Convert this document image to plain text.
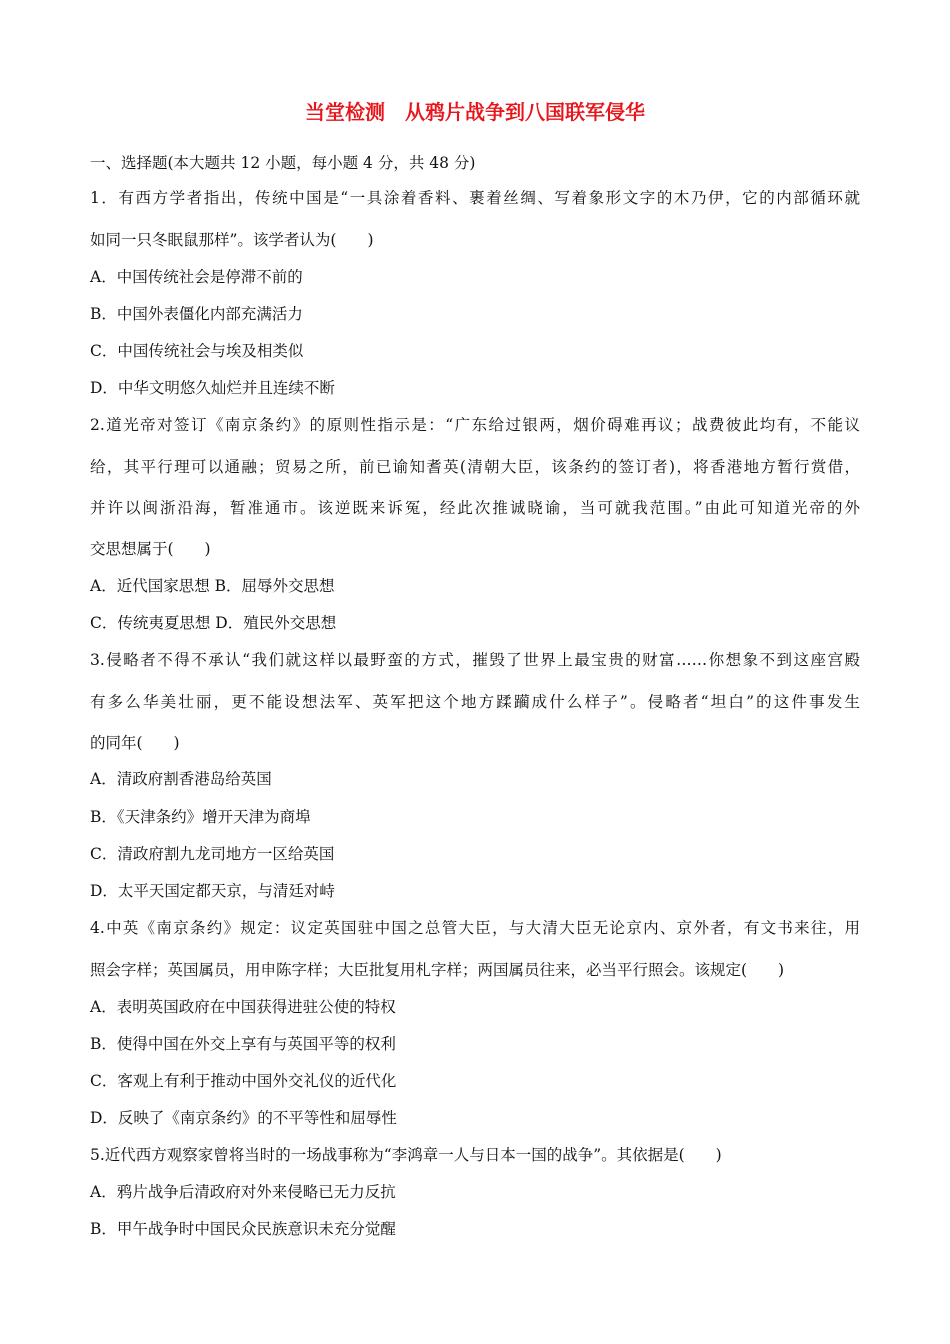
当堂检测　从鸦片战争到八国联军侵华

一、选择题(本大题共 12 小题，每小题 4 分，共 48 分)

1．有西方学者指出，传统中国是“一具涂着香料、裹着丝绸、写着象形文字的木乃伊，它的内部循环就

如同一只冬眠鼠那样”。该学者认为(　　)

A．中国传统社会是停滞不前的

B．中国外表僵化内部充满活力

C．中国传统社会与埃及相类似

D．中华文明悠久灿烂并且连续不断

2.道光帝对签订《南京条约》的原则性指示是：“广东给过银两，烟价碍难再议；战费彼此均有，不能议

给，其平行理可以通融；贸易之所，前已谕知耆英(清朝大臣，该条约的签订者)，将香港地方暂行赏借，

并许以闽浙沿海，暂准通市。该逆既来诉冤，经此次推诚晓谕，当可就我范围。”由此可知道光帝的外

交思想属于(　　)

A．近代国家思想 B．屈辱外交思想

C．传统夷夏思想 D．殖民外交思想

3.侵略者不得不承认“我们就这样以最野蛮的方式，摧毁了世界上最宝贵的财富……你想象不到这座宫殿

有多么华美壮丽，更不能设想法军、英军把这个地方蹂躏成什么样子”。侵略者“坦白”的这件事发生

的同年(　　)

A．清政府割香港岛给英国

B．《天津条约》增开天津为商埠

C．清政府割九龙司地方一区给英国

D．太平天国定都天京，与清廷对峙

4.中英《南京条约》规定：议定英国驻中国之总管大臣，与大清大臣无论京内、京外者，有文书来往，用

照会字样；英国属员，用申陈字样；大臣批复用札字样；两国属员往来，必当平行照会。该规定(　　)

A．表明英国政府在中国获得进驻公使的特权

B．使得中国在外交上享有与英国平等的权利

C．客观上有利于推动中国外交礼仪的近代化

D．反映了《南京条约》的不平等性和屈辱性

5.近代西方观察家曾将当时的一场战事称为“李鸿章一人与日本一国的战争”。其依据是(　　)

A．鸦片战争后清政府对外来侵略已无力反抗

B．甲午战争时中国民众民族意识未充分觉醒
